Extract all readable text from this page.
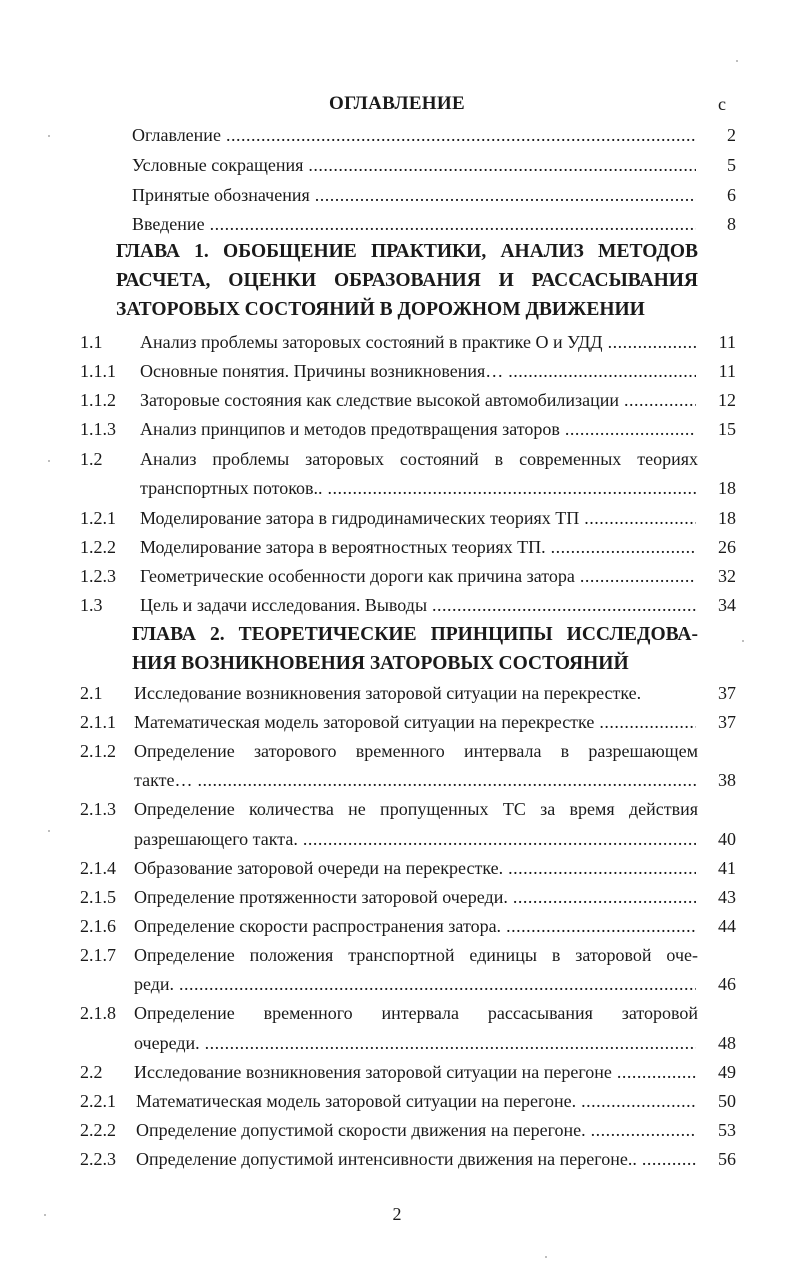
ОГЛАВЛЕНИЕ	с
Оглавление .....	2
Условные сокращения .....	5
Принятые обозначения .....	6
Введение .....	8
ГЛАВА 1. ОБОБЩЕНИЕ ПРАКТИКИ, АНАЛИЗ МЕТОДОВ
РАСЧЕТА, ОЦЕНКИ ОБРАЗОВАНИЯ И РАССАСЫВАНИЯ
ЗАТОРОВЫХ СОСТОЯНИЙ В ДОРОЖНОМ ДВИЖЕНИИ
1.1 Анализ проблемы заторовых состояний в практике О и УДД .....	11
1.1.1 Основные понятия. Причины возникновения… .....	11
1.1.2 Заторовые состояния как следствие высокой автомобилизации .....	12
1.1.3 Анализ принципов и методов предотвращения заторов .....	15
1.2 Анализ проблемы заторовых состояний в современных теориях
транспортных потоков.. .....	18
1.2.1 Моделирование затора в гидродинамических теориях ТП .....	18
1.2.2 Моделирование затора в вероятностных теориях ТП. .....	26
1.2.3 Геометрические особенности дороги как причина затора .....	32
1.3 Цель и задачи исследования. Выводы .....	34
ГЛАВА 2. ТЕОРЕТИЧЕСКИЕ ПРИНЦИПЫ ИССЛЕДОВА-
НИЯ ВОЗНИКНОВЕНИЯ ЗАТОРОВЫХ СОСТОЯНИЙ
2.1 Исследование возникновения заторовой ситуации на перекрестке.	37
2.1.1 Математическая модель заторовой ситуации на перекрестке .....	37
2.1.2 Определение заторового временного интервала в разрешающем
такте… .....	38
2.1.3 Определение количества не пропущенных ТС за время действия
разрешающего такта. .....	40
2.1.4 Образование заторовой очереди на перекрестке. .....	41
2.1.5 Определение протяженности заторовой очереди. .....	43
2.1.6 Определение скорости распространения затора. .....	44
2.1.7 Определение положения транспортной единицы в заторовой оче-
реди. .....	46
2.1.8 Определение временного интервала рассасывания заторовой
очереди. .....	48
2.2 Исследование возникновения заторовой ситуации на перегоне .....	49
2.2.1 Математическая модель заторовой ситуации на перегоне. .....	50
2.2.2 Определение допустимой скорости движения на перегоне. .....	53
2.2.3 Определение допустимой интенсивности движения на перегоне.. .....	56
2
